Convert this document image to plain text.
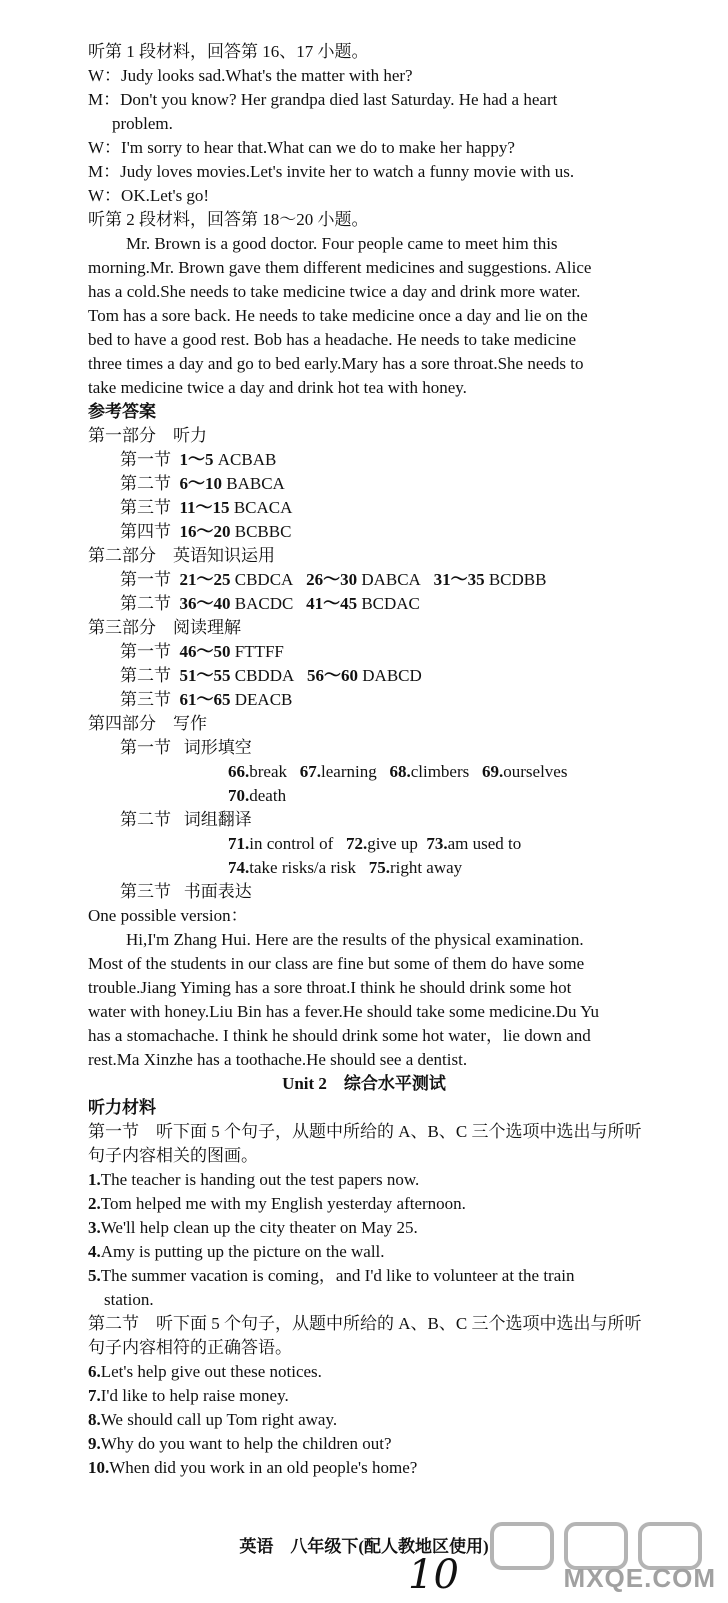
听第 1 段材料，回答第 16、17 小题。
W：Judy looks sad.What's the matter with her?
M：Don't you know? Her grandpa died last Saturday. He had a heart
problem.
W：I'm sorry to hear that.What can we do to make her happy?
M：Judy loves movies.Let's invite her to watch a funny movie with us.
W：OK.Let's go!
听第 2 段材料，回答第 18～20 小题。
Mr. Brown is a good doctor. Four people came to meet him this
morning.Mr. Brown gave them different medicines and suggestions. Alice
has a cold.She needs to take medicine twice a day and drink more water.
Tom has a sore back. He needs to take medicine once a day and lie on the
bed to have a good rest. Bob has a headache. He needs to take medicine
three times a day and go to bed early.Mary has a sore throat.She needs to
take medicine twice a day and drink hot tea with honey.
参考答案
第一部分　听力
第一节 1～5 ACBAB
第二节 6～10 BABCA
第三节 11～15 BCACA
第四节 16～20 BCBBC
第二部分　英语知识运用
第一节 21～25 CBDCA 26～30 DABCA 31～35 BCDBB
第二节 36～40 BACDC 41～45 BCDAC
第三部分　阅读理解
第一节 46～50 FTTFF
第二节 51～55 CBDDA 56～60 DABCD
第三节 61～65 DEACB
第四部分　写作
第一节 词形填空
66.break 67.learning 68.climbers 69.ourselves
70.death
第二节 词组翻译
71.in control of 72.give up 73.am used to
74.take risks/a risk 75.right away
第三节 书面表达
One possible version：
Hi,I'm Zhang Hui. Here are the results of the physical examination.
Most of the students in our class are fine but some of them do have some
trouble.Jiang Yiming has a sore throat.I think he should drink some hot
water with honey.Liu Bin has a fever.He should take some medicine.Du Yu
has a stomachache. I think he should drink some hot water，lie down and
rest.Ma Xinzhe has a toothache.He should see a dentist.
Unit 2　综合水平测试
听力材料
第一节　听下面 5 个句子，从题中所给的 A、B、C 三个选项中选出与所听
句子内容相关的图画。
1.The teacher is handing out the test papers now.
2.Tom helped me with my English yesterday afternoon.
3.We'll help clean up the city theater on May 25.
4.Amy is putting up the picture on the wall.
5.The summer vacation is coming，and I'd like to volunteer at the train
station.
第二节　听下面 5 个句子，从题中所给的 A、B、C 三个选项中选出与所听
句子内容相符的正确答语。
6.Let's help give out these notices.
7.I'd like to help raise money.
8.We should call up Tom right away.
9.Why do you want to help the children out?
10.When did you work in an old people's home?
英语　八年级下(配人教地区使用)
10	MXQE.COM
